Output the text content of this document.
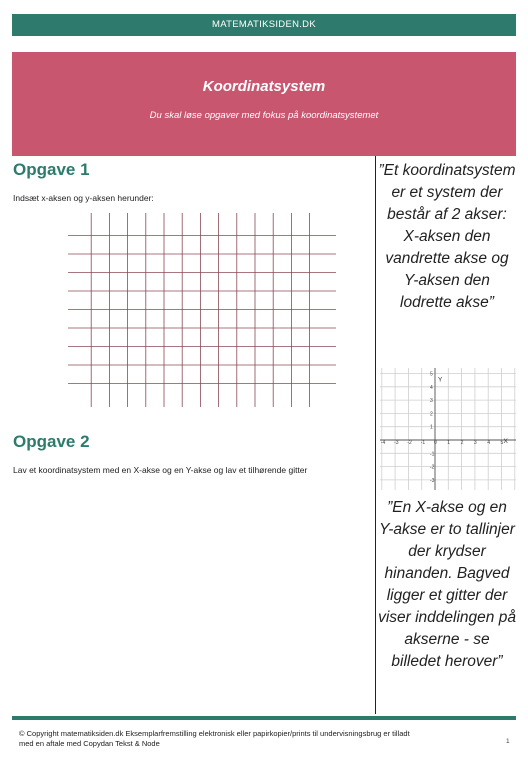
MATEMATIKSIDEN.DK
Koordinatsystem
Du skal løse opgaver med fokus på koordinatsystemet
Opgave 1
Indsæt x-aksen og y-aksen herunder:
Opgave 2
Lav et koordinatsystem med en X-akse og en Y-akse og lav et tilhørende gitter
”Et koordinatsystem er et system der består af 2 akser: X-aksen den vandrette akse og Y-aksen den lodrette akse”
-4 -3 -2 -1 0 1 2 3 4 5
5
4
3
2
1
-1
-2
-3
X
Y
”En X-akse og en Y-akse er to tallinjer der krydser hinanden. Bagved ligger et gitter der viser inddelingen på akserne - se billedet herover”
© Copyright matematiksiden.dk Eksemplarfremstilling elektronisk eller papirkopier/prints til undervisningsbrug er tilladt med en aftale med Copydan Tekst & Node	1
